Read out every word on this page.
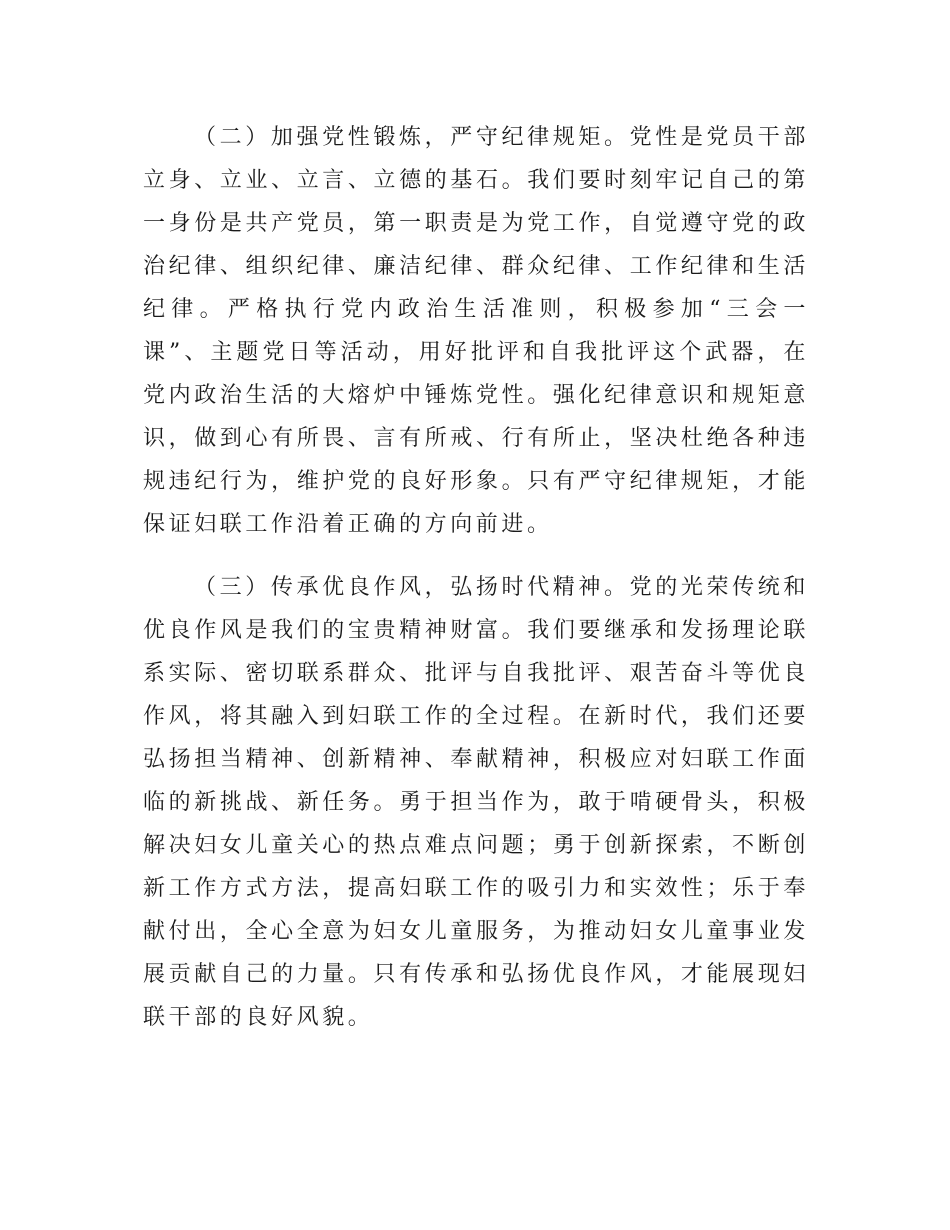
（二）加强党性锻炼，严守纪律规矩。党性是党员干部立身、立业、立言、立德的基石。我们要时刻牢记自己的第一身份是共产党员，第一职责是为党工作，自觉遵守党的政治纪律、组织纪律、廉洁纪律、群众纪律、工作纪律和生活纪律。严格执行党内政治生活准则，积极参加“三会一课”、主题党日等活动，用好批评和自我批评这个武器，在党内政治生活的大熔炉中锤炼党性。强化纪律意识和规矩意识，做到心有所畏、言有所戒、行有所止，坚决杜绝各种违规违纪行为，维护党的良好形象。只有严守纪律规矩，才能保证妇联工作沿着正确的方向前进。

（三）传承优良作风，弘扬时代精神。党的光荣传统和优良作风是我们的宝贵精神财富。我们要继承和发扬理论联系实际、密切联系群众、批评与自我批评、艰苦奋斗等优良作风，将其融入到妇联工作的全过程。在新时代，我们还要弘扬担当精神、创新精神、奉献精神，积极应对妇联工作面临的新挑战、新任务。勇于担当作为，敢于啃硬骨头，积极解决妇女儿童关心的热点难点问题；勇于创新探索，不断创新工作方式方法，提高妇联工作的吸引力和实效性；乐于奉献付出，全心全意为妇女儿童服务，为推动妇女儿童事业发展贡献自己的力量。只有传承和弘扬优良作风，才能展现妇联干部的良好风貌。
